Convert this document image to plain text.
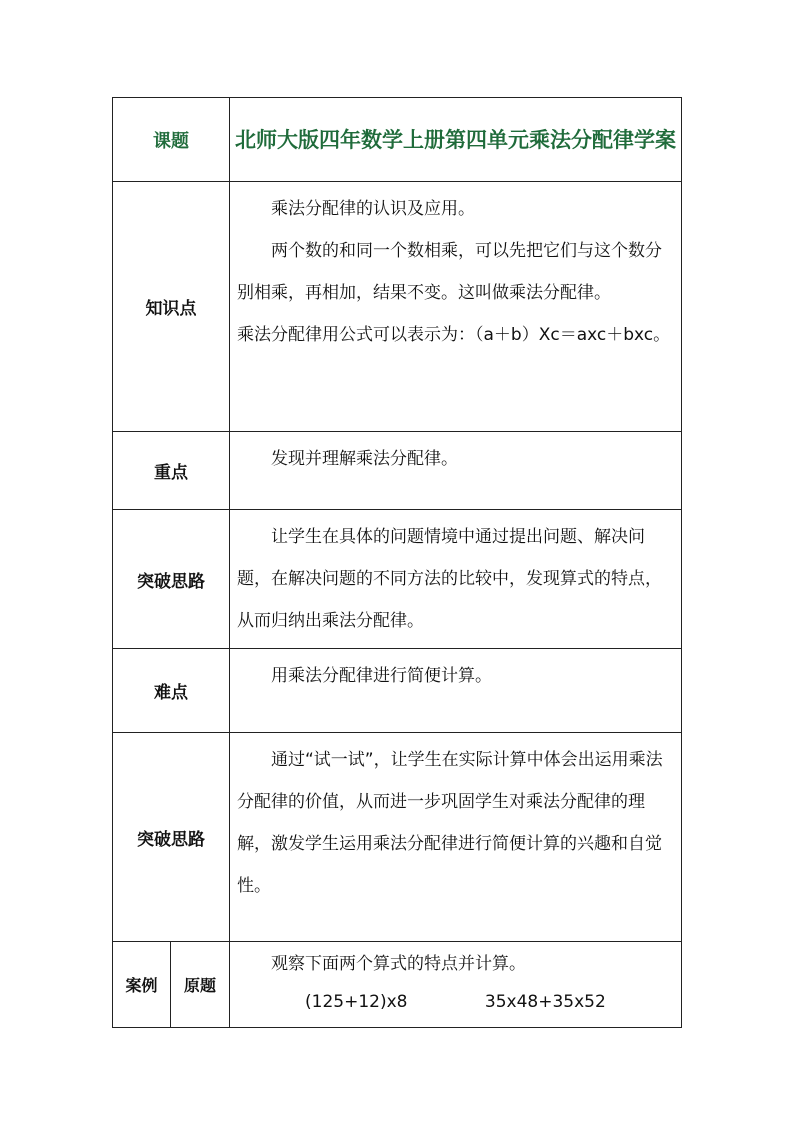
课题		北师大版四年数学上册第四单元乘法分配律学案
知识点		乘法分配律的认识及应用。

两个数的和同一个数相乘，可以先把它们与这个数分别相乘，再相加，结果不变。这叫做乘法分配律。

乘法分配律用公式可以表示为：（a＋b）Xc＝axc＋bxc。

重点		发现并理解乘法分配律。

突破思路		让学生在具体的问题情境中通过提出问题、解决问题，在解决问题的不同方法的比较中，发现算式的特点，从而归纳出乘法分配律。

难点		用乘法分配律进行简便计算。

突破思路		通过“试一试”，让学生在实际计算中体会出运用乘法分配律的价值，从而进一步巩固学生对乘法分配律的理解，激发学生运用乘法分配律进行简便计算的兴趣和自觉性。

案例	原题	观察下面两个算式的特点并计算。

(125+12)x8 35x48+35x52
